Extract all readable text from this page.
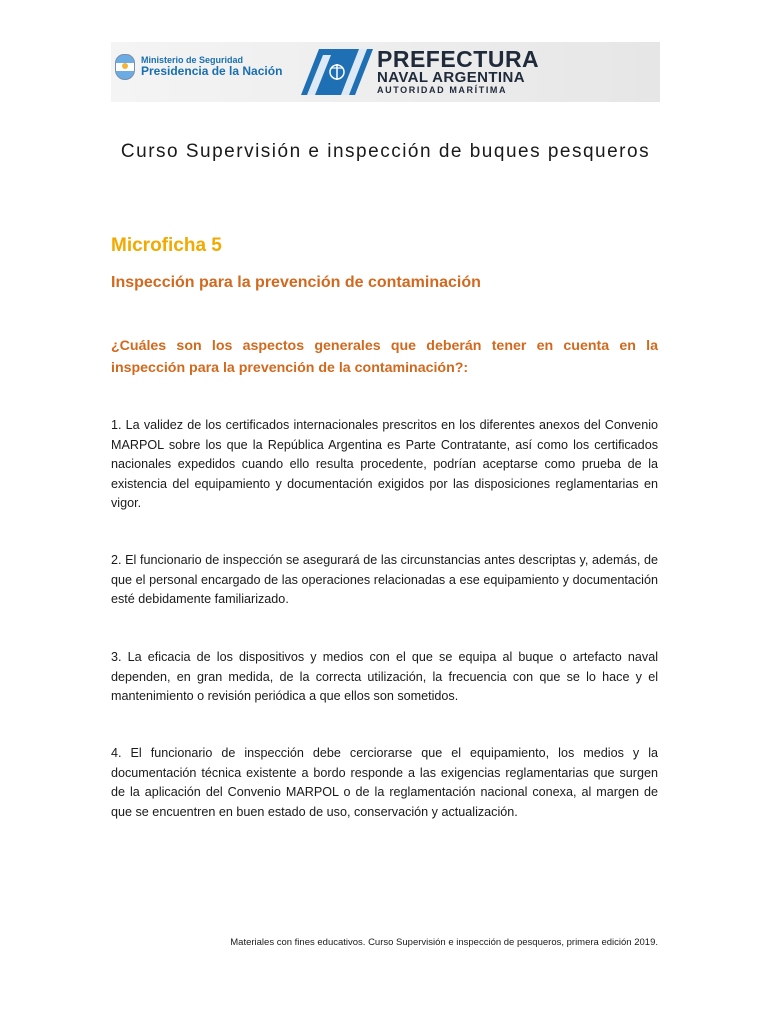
Ministerio de Seguridad
Presidencia de la Nación	PREFECTURA
NAVAL ARGENTINA
AUTORIDAD MARÍTIMA
Curso Supervisión e inspección de buques pesqueros
Microficha 5
Inspección para la prevención de contaminación
¿Cuáles son los aspectos generales que deberán tener en cuenta en la inspección para la prevención de la contaminación?:
1. La validez de los certificados internacionales prescritos en los diferentes anexos del Convenio MARPOL sobre los que la República Argentina es Parte Contratante, así como los certificados nacionales expedidos cuando ello resulta procedente, podrían aceptarse como prueba de la existencia del equipamiento y documentación exigidos por las disposiciones reglamentarias en vigor.
2. El funcionario de inspección se asegurará de las circunstancias antes descriptas y, además, de que el personal encargado de las operaciones relacionadas a ese equipamiento y documentación esté debidamente familiarizado.
3. La eficacia de los dispositivos y medios con el que se equipa al buque o artefacto naval dependen, en gran medida, de la correcta utilización, la frecuencia con que se lo hace y el mantenimiento o revisión periódica a que ellos son sometidos.
4. El funcionario de inspección debe cerciorarse que el equipamiento, los medios y la documentación técnica existente a bordo responde a las exigencias reglamentarias que surgen de la aplicación del Convenio MARPOL o de la reglamentación nacional conexa, al margen de que se encuentren en buen estado de uso, conservación y actualización.
Materiales con fines educativos. Curso Supervisión e inspección de pesqueros, primera edición 2019.
